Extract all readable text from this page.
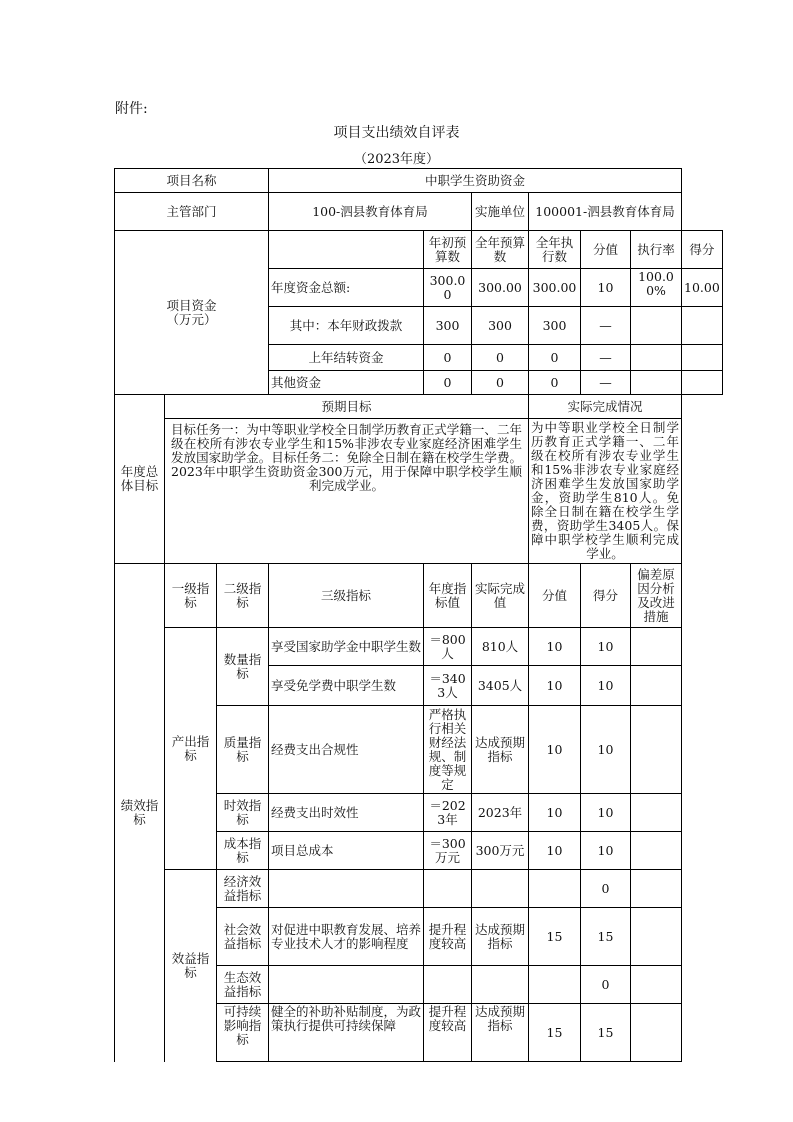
附件:
项目支出绩效自评表
（2023年度）
项目名称			中职学生资助资金						
主管部门			100-泗县教育体育局		实施单位	100001-泗县教育体育局			
项目资金
（万元）				年初预算数	全年预算数	全年执行数	分值	执行率	得分
			年度资金总额:	300.00	300.00	300.00	10	100.00%	10.00
			其中：本年财政拨款	300	300	300	—		
			上年结转资金	0	0	0	—		
			其他资金	0	0	0	—		
年度总体目标	预期目标					实际完成情况			
	目标任务一：为中等职业学校全日制学历教育正式学籍一、二年级在校所有涉农专业学生和15%非涉农专业家庭经济困难学生发放国家助学金。目标任务二：免除全日制在籍在校学生学费。2023年中职学生资助资金300万元，用于保障中职学校学生顺利完成学业。					为中等职业学校全日制学历教育正式学籍一、二年级在校所有涉农专业学生和15%非涉农专业家庭经济困难学生发放国家助学金，资助学生810人。免除全日制在籍在校学生学费，资助学生3405人。保障中职学校学生顺利完成学业。			
绩效指标	一级指标	二级指标	三级指标	年度指标值	实际完成值	分值	得分	偏差原因分析及改进措施	
	产出指标	数量指标	享受国家助学金中职学生数	＝800人	810人	10	10		
			享受免学费中职学生数	＝3403人	3405人	10	10		
		质量指标	经费支出合规性	严格执行相关财经法规、制度等规定	达成预期指标	10	10		
		时效指标	经费支出时效性	＝2023年	2023年	10	10		
		成本指标	项目总成本	＝300万元	300万元	10	10		
	效益指标	经济效益指标					0		
		社会效益指标	对促进中职教育发展、培养专业技术人才的影响程度	提升程度较高	达成预期指标	15	15		
		生态效益指标					0		
		可持续影响指标	健全的补助补贴制度，为政策执行提供可持续保障	提升程度较高	达成预期指标	15	15		
